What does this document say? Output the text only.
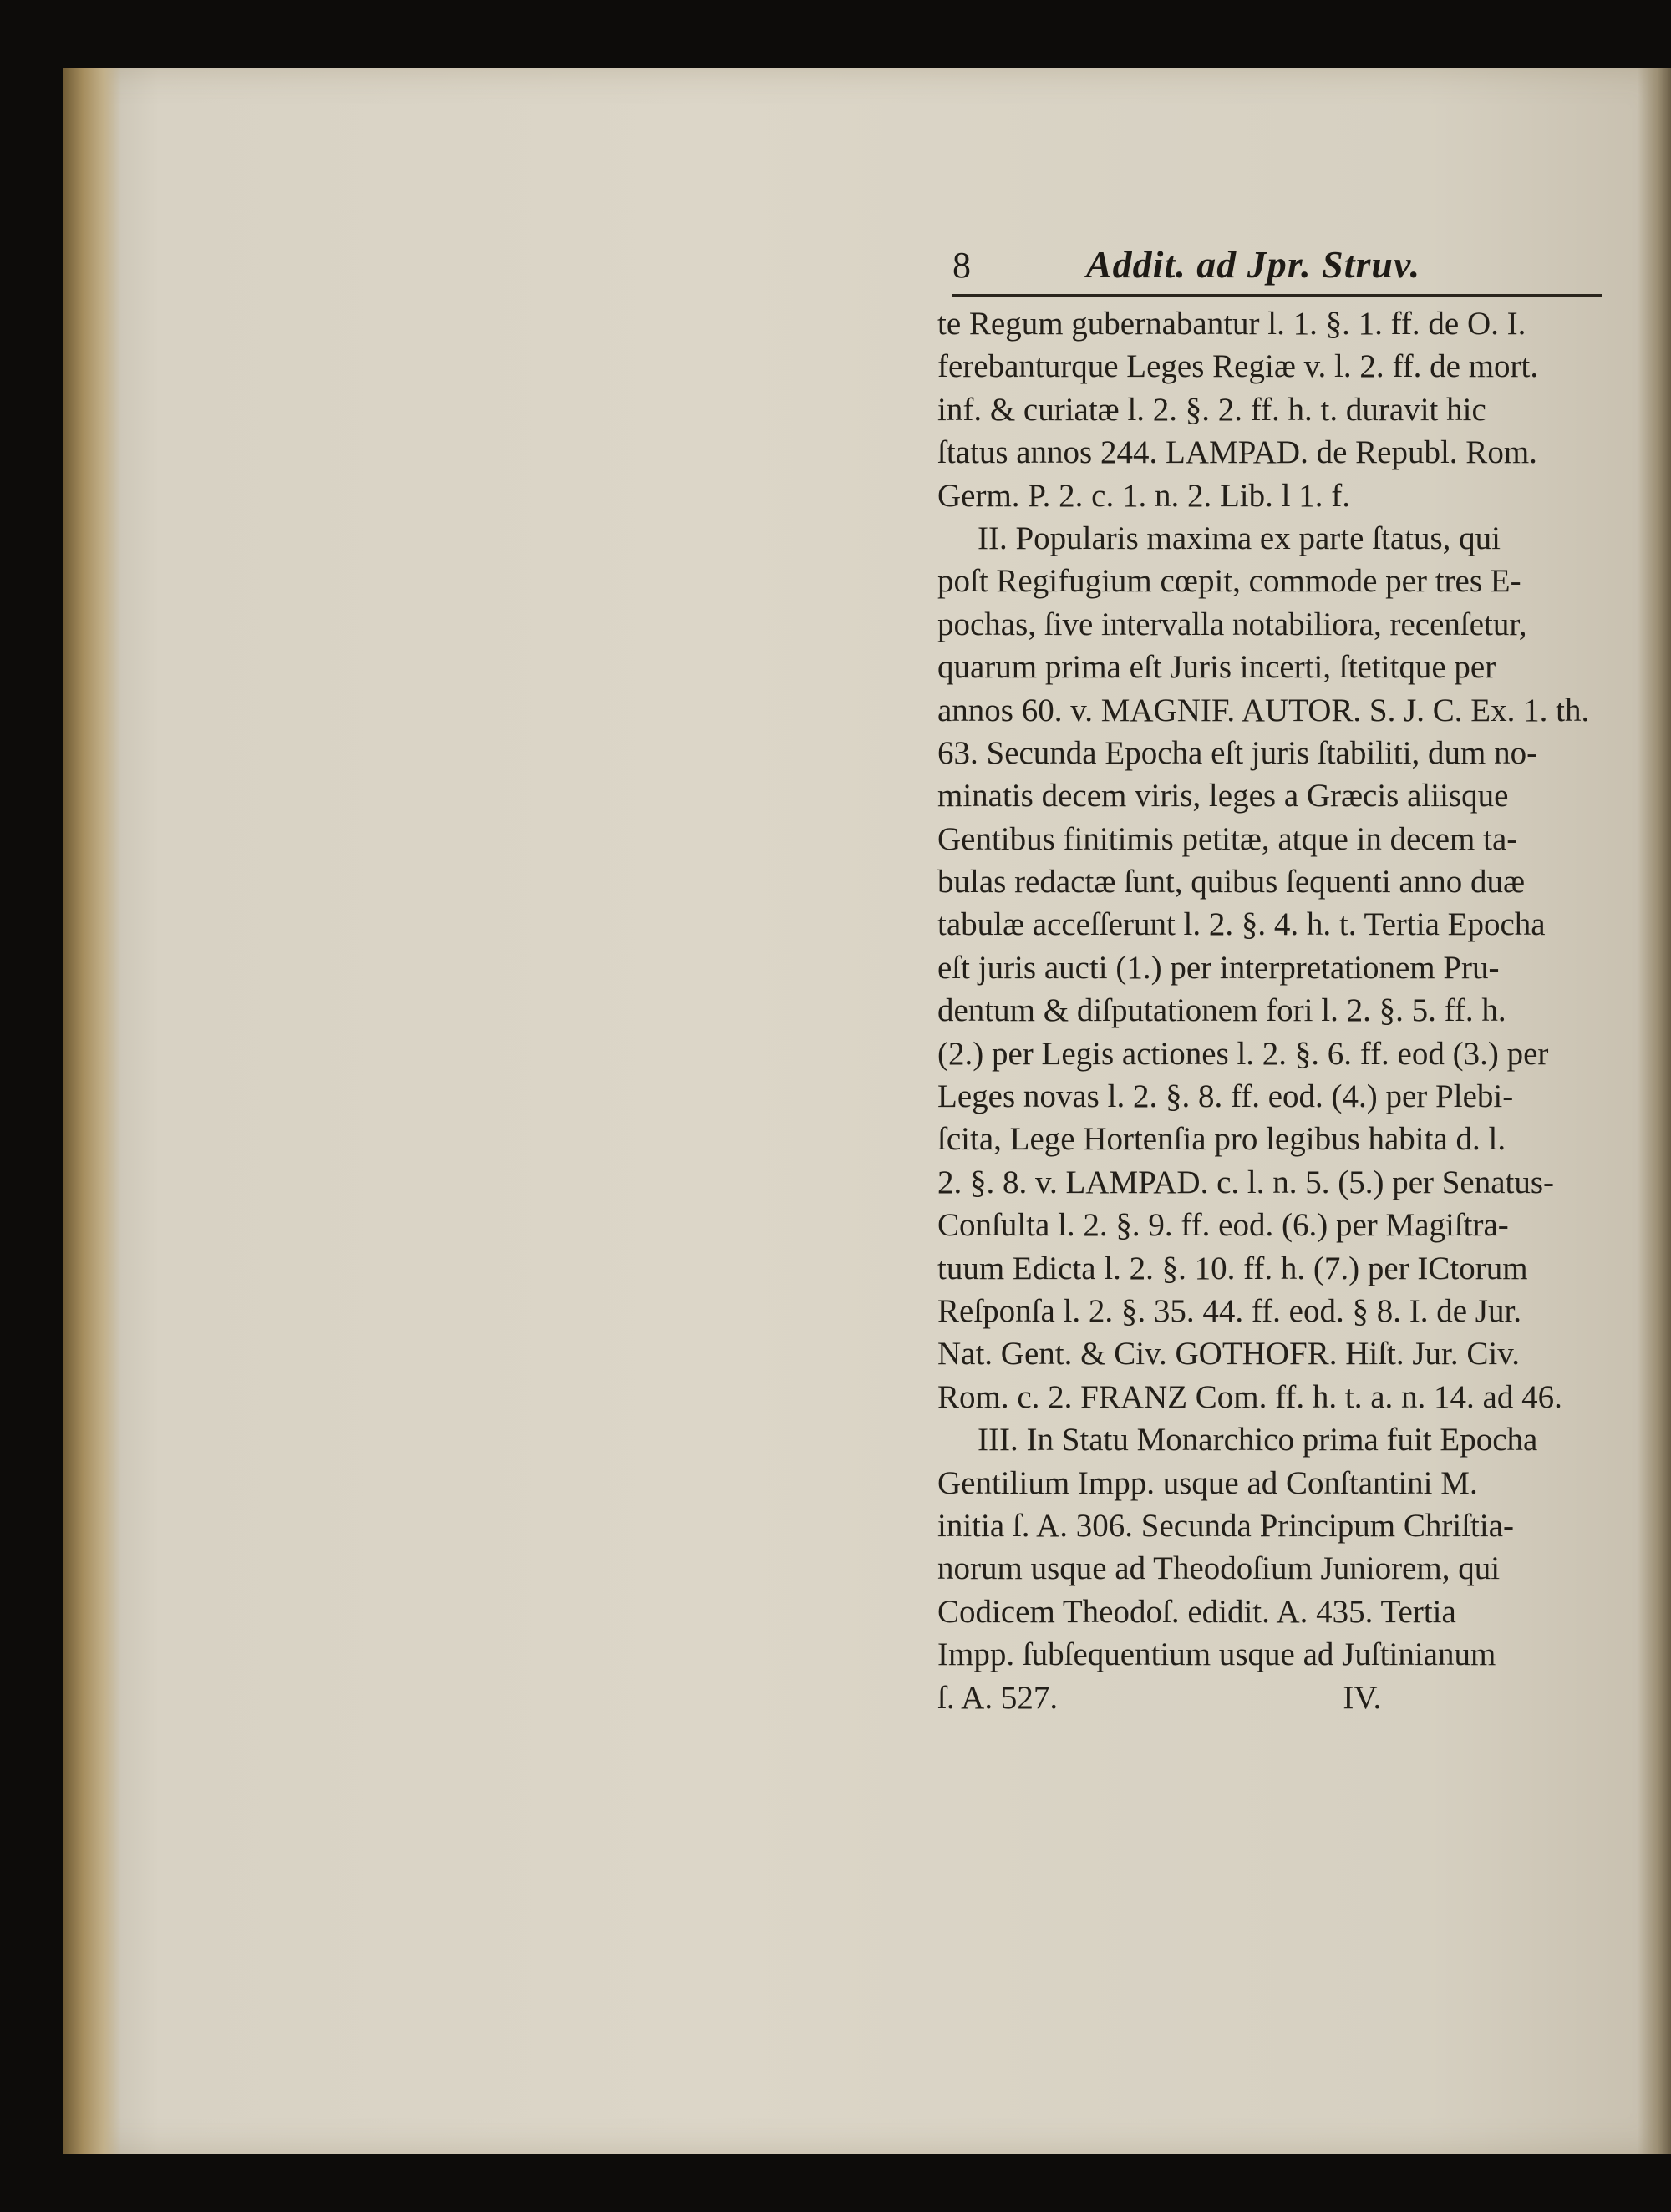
8	Addit. ad Jpr. Struv.
te Regum gubernabantur l. 1. §. 1. ff. de O. I.
ferebanturque Leges Regiæ v. l. 2. ff. de mort.
inf. & curiatæ l. 2. §. 2. ff. h. t. duravit hic
ſtatus annos 244. LAMPAD. de Republ. Rom.
Germ. P. 2. c. 1. n. 2. Lib. l 1. f.
II. Popularis maxima ex parte ſtatus, qui
poſt Regifugium cœpit, commode per tres E-
pochas, ſive intervalla notabiliora, recenſetur,
quarum prima eſt Juris incerti, ſtetitque per
annos 60. v. MAGNIF. AUTOR. S. J. C. Ex. 1. th.
63. Secunda Epocha eſt juris ſtabiliti, dum no-
minatis decem viris, leges a Græcis aliisque
Gentibus finitimis petitæ, atque in decem ta-
bulas redactæ ſunt, quibus ſequenti anno duæ
tabulæ acceſſerunt l. 2. §. 4. h. t. Tertia Epocha
eſt juris aucti (1.) per interpretationem Pru-
dentum & diſputationem fori l. 2. §. 5. ff. h.
(2.) per Legis actiones l. 2. §. 6. ff. eod (3.) per
Leges novas l. 2. §. 8. ff. eod. (4.) per Plebi-
ſcita, Lege Hortenſia pro legibus habita d. l.
2. §. 8. v. LAMPAD. c. l. n. 5. (5.) per Senatus-
Conſulta l. 2. §. 9. ff. eod. (6.) per Magiſtra-
tuum Edicta l. 2. §. 10. ff. h. (7.) per ICtorum
Reſponſa l. 2. §. 35. 44. ff. eod. § 8. I. de Jur.
Nat. Gent. & Civ. GOTHOFR. Hiſt. Jur. Civ.
Rom. c. 2. FRANZ Com. ff. h. t. a. n. 14. ad 46.
III. In Statu Monarchico prima fuit Epocha
Gentilium Impp. usque ad Conſtantini M.
initia ſ. A. 306. Secunda Principum Chriſtia-
norum usque ad Theodoſium Juniorem, qui
Codicem Theodoſ. edidit. A. 435. Tertia
Impp. ſubſequentium usque ad Juſtinianum
ſ. A. 527.                                   IV.
